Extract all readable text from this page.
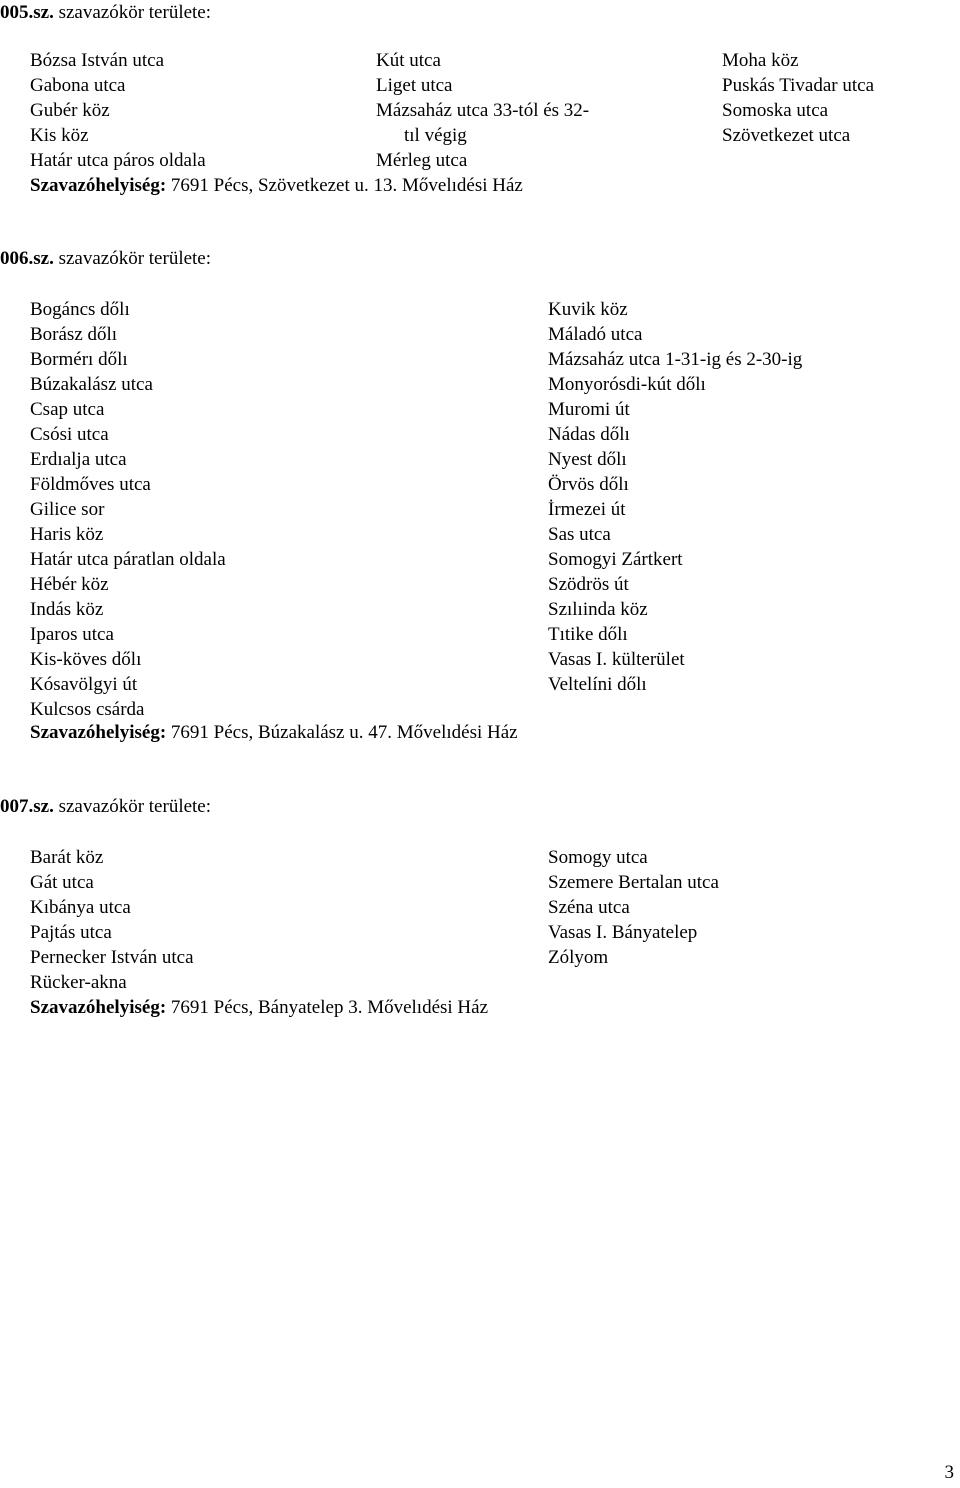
005.sz. szavazókör területe:
Bózsa István utca
Gabona utca
Gubér köz
Kis köz
Határ utca páros oldala
Kút utca
Liget utca
Mázsaház utca 33-tól és 32-
tıl végig
Mérleg utca
Moha köz
Puskás Tivadar utca
Somoska utca
Szövetkezet utca
Szavazóhelyiség: 7691 Pécs, Szövetkezet u. 13. Mővelıdési Ház
006.sz. szavazókör területe:
Bogáncs dőlı
Borász dőlı
Bormérı dőlı
Búzakalász utca
Csap utca
Csósi utca
Erdıalja utca
Földmőves utca
Gilice sor
Haris köz
Határ utca páratlan oldala
Hébér köz
Indás köz
Iparos utca
Kis-köves dőlı
Kósavölgyi út
Kulcsos csárda
Kuvik köz
Máladó utca
Mázsaház utca 1-31-ig és 2-30-ig
Monyorósdi-kút dőlı
Muromi út
Nádas dőlı
Nyest dőlı
Örvös dőlı
İrmezei út
Sas utca
Somogyi Zártkert
Szödrös út
Szılıinda köz
Tıtike dőlı
Vasas I. külterület
Veltelíni dőlı
Szavazóhelyiség: 7691 Pécs, Búzakalász u. 47. Mővelıdési Ház
007.sz. szavazókör területe:
Barát köz
Gát utca
Kıbánya utca
Pajtás utca
Pernecker István utca
Rücker-akna
Somogy utca
Szemere Bertalan utca
Széna utca
Vasas I. Bányatelep
Zólyom
Szavazóhelyiség: 7691 Pécs, Bányatelep 3. Mővelıdési Ház
3
